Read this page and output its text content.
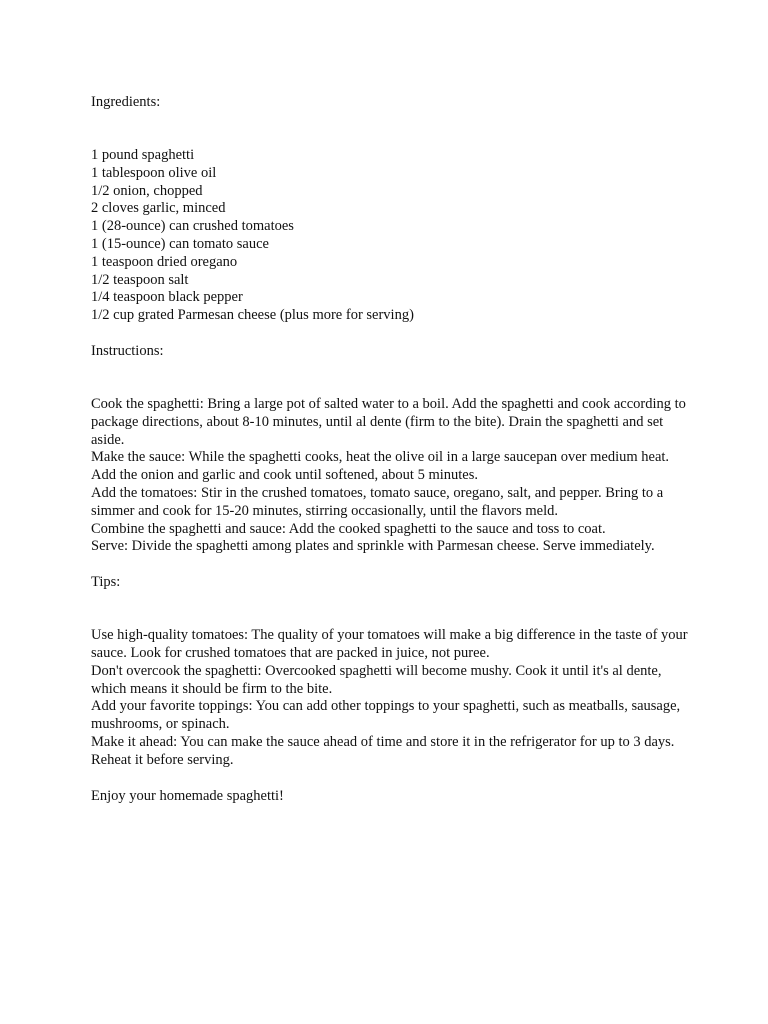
Ingredients:

1 pound spaghetti
1 tablespoon olive oil
1/2 onion, chopped
2 cloves garlic, minced
1 (28-ounce) can crushed tomatoes
1 (15-ounce) can tomato sauce
1 teaspoon dried oregano
1/2 teaspoon salt
1/4 teaspoon black pepper
1/2 cup grated Parmesan cheese (plus more for serving)

Instructions:

Cook the spaghetti: Bring a large pot of salted water to a boil. Add the spaghetti and cook according to package directions, about 8-10 minutes, until al dente (firm to the bite). Drain the spaghetti and set aside.
Make the sauce: While the spaghetti cooks, heat the olive oil in a large saucepan over medium heat. Add the onion and garlic and cook until softened, about 5 minutes.
Add the tomatoes: Stir in the crushed tomatoes, tomato sauce, oregano, salt, and pepper. Bring to a simmer and cook for 15-20 minutes, stirring occasionally, until the flavors meld.
Combine the spaghetti and sauce: Add the cooked spaghetti to the sauce and toss to coat.
Serve: Divide the spaghetti among plates and sprinkle with Parmesan cheese. Serve immediately.

Tips:

Use high-quality tomatoes: The quality of your tomatoes will make a big difference in the taste of your sauce. Look for crushed tomatoes that are packed in juice, not puree.
Don't overcook the spaghetti: Overcooked spaghetti will become mushy. Cook it until it's al dente, which means it should be firm to the bite.
Add your favorite toppings: You can add other toppings to your spaghetti, such as meatballs, sausage, mushrooms, or spinach.
Make it ahead: You can make the sauce ahead of time and store it in the refrigerator for up to 3 days. Reheat it before serving.

Enjoy your homemade spaghetti!
